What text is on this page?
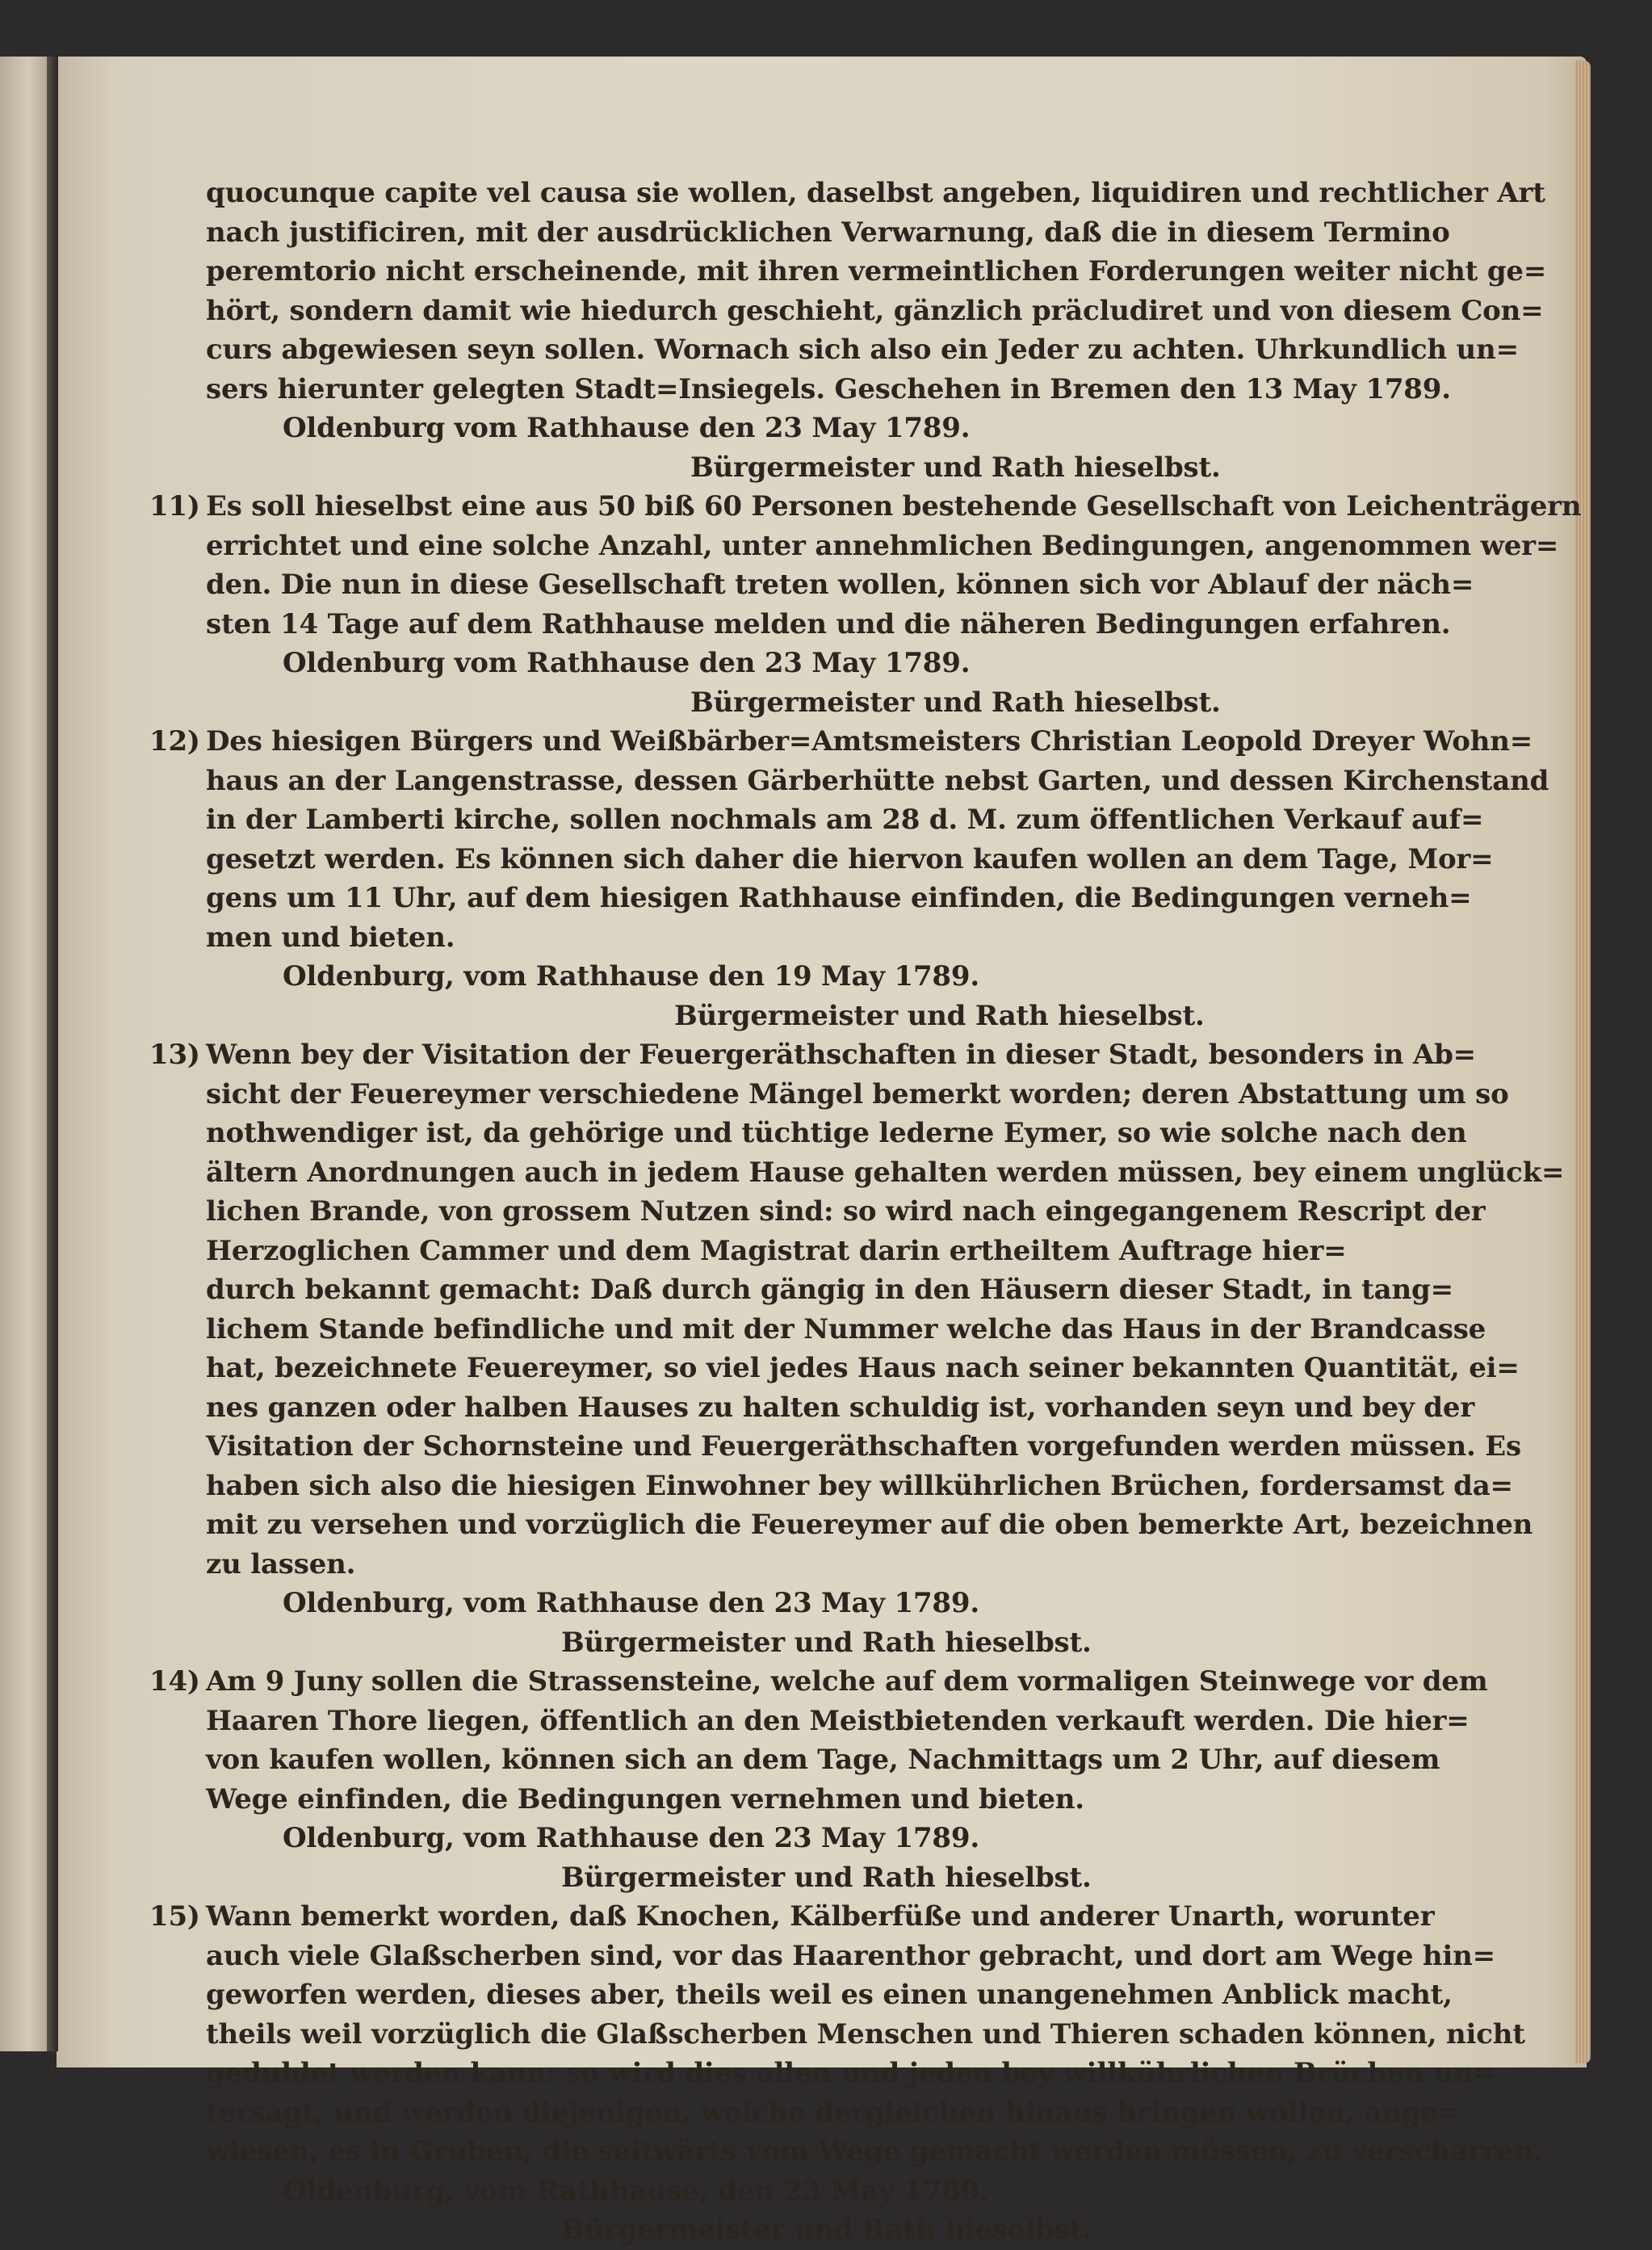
quocunque capite vel causa sie wollen, daselbst angeben, liquidiren und rechtlicher Art
nach justificiren, mit der ausdrücklichen Verwarnung, daß die in diesem Termino
peremtorio nicht erscheinende, mit ihren vermeintlichen Forderungen weiter nicht ge=
hört, sondern damit wie hiedurch geschieht, gänzlich präcludiret und von diesem Con=
curs abgewiesen seyn sollen. Wornach sich also ein Jeder zu achten. Uhrkundlich un=
sers hierunter gelegten Stadt=Insiegels. Geschehen in Bremen den 13 May 1789.
Oldenburg vom Rathhause den 23 May 1789.
Bürgermeister und Rath hieselbst.
11) Es soll hieselbst eine aus 50 biß 60 Personen bestehende Gesellschaft von Leichenträgern
errichtet und eine solche Anzahl, unter annehmlichen Bedingungen, angenommen wer=
den. Die nun in diese Gesellschaft treten wollen, können sich vor Ablauf der näch=
sten 14 Tage auf dem Rathhause melden und die näheren Bedingungen erfahren.
Oldenburg vom Rathhause den 23 May 1789.
Bürgermeister und Rath hieselbst.
12) Des hiesigen Bürgers und Weißbärber=Amtsmeisters Christian Leopold Dreyer Wohn=
haus an der Langenstrasse, dessen Gärberhütte nebst Garten, und dessen Kirchenstand
in der Lamberti kirche, sollen nochmals am 28 d. M. zum öffentlichen Verkauf auf=
gesetzt werden. Es können sich daher die hiervon kaufen wollen an dem Tage, Mor=
gens um 11 Uhr, auf dem hiesigen Rathhause einfinden, die Bedingungen verneh=
men und bieten.
Oldenburg, vom Rathhause den 19 May 1789.
Bürgermeister und Rath hieselbst.
13) Wenn bey der Visitation der Feuergeräthschaften in dieser Stadt, besonders in Ab=
sicht der Feuereymer verschiedene Mängel bemerkt worden; deren Abstattung um so
nothwendiger ist, da gehörige und tüchtige lederne Eymer, so wie solche nach den
ältern Anordnungen auch in jedem Hause gehalten werden müssen, bey einem unglück=
lichen Brande, von grossem Nutzen sind: so wird nach eingegangenem Rescript der
Herzoglichen Cammer und dem Magistrat darin ertheiltem Auftrage hier=
durch bekannt gemacht: Daß durch gängig in den Häusern dieser Stadt, in tang=
lichem Stande befindliche und mit der Nummer welche das Haus in der Brandcasse
hat, bezeichnete Feuereymer, so viel jedes Haus nach seiner bekannten Quantität, ei=
nes ganzen oder halben Hauses zu halten schuldig ist, vorhanden seyn und bey der
Visitation der Schornsteine und Feuergeräthschaften vorgefunden werden müssen. Es
haben sich also die hiesigen Einwohner bey willkührlichen Brüchen, fordersamst da=
mit zu versehen und vorzüglich die Feuereymer auf die oben bemerkte Art, bezeichnen
zu lassen.
Oldenburg, vom Rathhause den 23 May 1789.
Bürgermeister und Rath hieselbst.
14) Am 9 Juny sollen die Strassensteine, welche auf dem vormaligen Steinwege vor dem
Haaren Thore liegen, öffentlich an den Meistbietenden verkauft werden. Die hier=
von kaufen wollen, können sich an dem Tage, Nachmittags um 2 Uhr, auf diesem
Wege einfinden, die Bedingungen vernehmen und bieten.
Oldenburg, vom Rathhause den 23 May 1789.
Bürgermeister und Rath hieselbst.
15) Wann bemerkt worden, daß Knochen, Kälberfüße und anderer Unarth, worunter
auch viele Glaßscherben sind, vor das Haarenthor gebracht, und dort am Wege hin=
geworfen werden, dieses aber, theils weil es einen unangenehmen Anblick macht,
theils weil vorzüglich die Glaßscherben Menschen und Thieren schaden können, nicht
geduldet werden kann: so wird dies allen und jeden bey willkührlichen Brüchen un=
tersagt, und werden diejenigen, welche dergleichen hinaus bringen wollen, ange=
wiesen, es in Gruben, die seitwärts vom Wege gemacht werden müssen, zu verscharren.
Oldenburg, vom Rathhause, den 23 May 1789.
Bürgermeister und Rath hieselbst.
